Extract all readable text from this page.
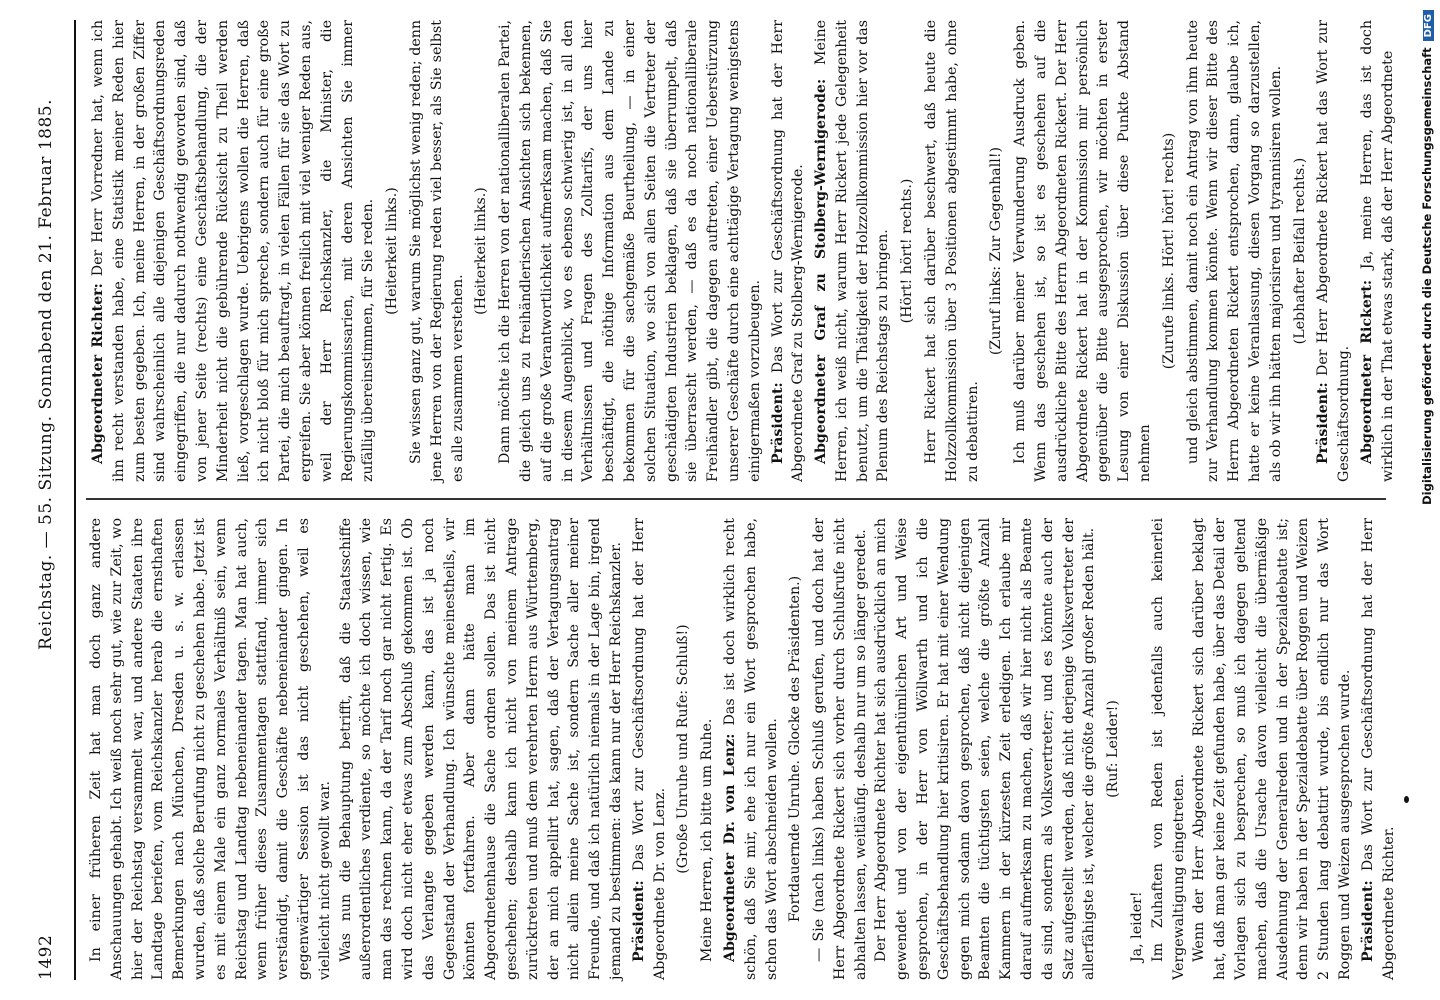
1492
Reichstag. — 55. Sitzung. Sonnabend den 21. Februar 1885.

In einer früheren Zeit hat man doch ganz andere Anschauungen gehabt. Ich weiß noch sehr gut, wie zur Zeit, wo hier der Reichstag versammelt war, und andere Staaten ihre Landtage beriefen, vom Reichskanzler herab die ernsthaften Bemerkungen nach München, Dresden u. s. w. erlassen wurden, daß solche Berufung nicht zu geschehen habe. Jetzt ist es mit einem Male ein ganz normales Verhältniß sein, wenn Reichstag und Landtag nebeneinander tagen. Man hat auch, wenn früher dieses Zusammentagen stattfand, immer sich verständigt, damit die Geschäfte nebeneinander gingen. In gegenwärtiger Session ist das nicht geschehen, weil es vielleicht nicht gewollt war. Was nun die Behauptung betrifft, daß die Staatsschiffe außerordentliches verdiente, so möchte ich doch wissen, wie man das rechnen kann, da der Tarif noch gar nicht fertig. Es wird doch nicht eher etwas zum Abschluß gekommen ist. Ob das Verlangte gegeben werden kann, das ist ja noch Gegenstand der Verhandlung. Ich wünschte meinestheils, wir könnten fortfahren. Aber dann hätte man im Abgeordnetenhause die Sache ordnen sollen. Das ist nicht geschehen; deshalb kann ich nicht von meinem Antrage zurücktreten und muß dem verehrten Herrn aus Württemberg, der an mich appellirt hat, sagen, daß der Vertagungsantrag nicht allein meine Sache ist, sondern Sache aller meiner Freunde, und daß ich natürlich niemals in der Lage bin, irgend jemand zu bestimmen: das kann nur der Herr Reichskanzler. Präsident: Das Wort zur Geschäftsordnung hat der Herr Abgeordnete Dr. von Lenz.

(Große Unruhe und Rufe: Schluß!) Meine Herren, ich bitte um Ruhe. Abgeordneter Dr. von Lenz: Das ist doch wirklich recht schön, daß Sie mir, ehe ich nur ein Wort gesprochen habe, schon das Wort abschneiden wollen. Fortdauernde Unruhe. Glocke des Präsidenten.) — Sie (nach links) haben Schluß gerufen, und doch hat der Herr Abgeordnete Rickert sich vorher durch Schlußrufe nicht abhalten lassen, weitläufig. deshalb nur um so länger geredet. Der Herr Abgeordnete Richter hat sich ausdrücklich an mich gewendet und von der eigenthümlichen Art und Weise gesprochen, in der Herr von Wöllwarth und ich die Geschäftsbehandlung hier kritisiren. Er hat mit einer Wendung gegen mich sodann davon gesprochen, daß nicht diejenigen Beamten die tüchtigsten seien, welche die größte Anzahl Kammern in der kürzesten Zeit erledigen. Ich erlaube mir darauf aufmerksam zu machen, daß wir hier nicht als Beamte da sind, sondern als Volksvertreter; und es könnte auch der Satz aufgestellt werden, daß nicht derjenige Volksvertreter der allerfähigste ist, welcher die größte Anzahl großer Reden hält. (Ruf: Leider!)

Ja, leider! Im Zuhaften von Reden ist jedenfalls auch keinerlei Vergewaltigung eingetreten. Wenn der Herr Abgeordnete Rickert sich darüber beklagt hat, daß man gar keine Zeit gefunden habe, über das Detail der Vorlagen sich zu besprechen, so muß ich dagegen geltend machen, daß die Ursache davon vielleicht die übermäßige Ausdehnung der Generalreden und in der Spezialdebatte ist; denn wir haben in der Spezialdebatte über Roggen und Weizen 2 Stunden lang debattirt wurde, bis endlich nur das Wort Roggen und Weizen ausgesprochen wurde. Präsident: Das Wort zur Geschäftsordnung hat der Herr Abgeordnete Richter.

Abgeordneter Richter: Der Herr Vorredner hat, wenn ich ihn recht verstanden habe, eine Statistik meiner Reden hier zum besten gegeben. Ich, meine Herren, in der großen Ziffer sind wahrscheinlich alle diejenigen Geschäftsordnungsreden eingegriffen, die nur dadurch nothwendig geworden sind, daß von jener Seite (rechts) eine Geschäftsbehandlung, die der Minderheit nicht die gebührende Rücksicht zu Theil werden ließ, vorgeschlagen wurde. Uebrigens wollen die Herren, daß ich nicht bloß für mich spreche, sondern auch für eine große Partei, die mich beauftragt, in vielen Fällen für sie das Wort zu ergreifen. Sie aber können freilich mit viel weniger Reden aus, weil der Herr Reichskanzler, die Minister, die Regierungskommissarien, mit deren Ansichten Sie immer zufällig übereinstimmen, für Sie reden. (Heiterkeit links.) Sie wissen ganz gut, warum Sie möglichst wenig reden; denn jene Herren von der Regierung reden viel besser, als Sie selbst es alle zusammen verstehen.

(Heiterkeit links.) Dann möchte ich die Herren von der nationalliberalen Partei, die gleich uns zu freihändlerischen Ansichten sich bekennen, auf die große Verantwortlichkeit aufmerksam machen, daß Sie in diesem Augenblick, wo es ebenso schwierig ist, in all den Verhältnissen und Fragen des Zolltarifs, der uns hier beschäftigt, die nöthige Information aus dem Lande zu bekommen für die sachgemäße Beurtheilung, — in einer solchen Situation, wo sich von allen Seiten die Vertreter der geschädigten Industrien beklagen, daß sie überrumpelt, daß sie überrascht werden, — daß es da noch nationalliberale Freihändler gibt, die dagegen auftreten, einer Ueberstürzung unserer Geschäfte durch eine achttägige Vertagung wenigstens einigermaßen vorzubeugen. Präsident: Das Wort zur Geschäftsordnung hat der Herr Abgeordnete Graf zu Stolberg-Wernigerode. Abgeordneter Graf zu Stolberg-Wernigerode: Meine Herren, ich weiß nicht, warum Herr Rickert jede Gelegenheit benutzt, um die Thätigkeit der Holzzollkommission hier vor das Plenum des Reichstags zu bringen. (Hört! hört! rechts.) Herr Rickert hat sich darüber beschwert, daß heute die Holzzollkommission über 3 Positionen abgestimmt habe, ohne zu debattiren.

(Zuruf links: Zur Gegenhall!) Ich muß darüber meiner Verwunderung Ausdruck geben. Wenn das geschehen ist, so ist es geschehen auf die ausdrückliche Bitte des Herrn Abgeordneten Rickert. Der Herr Abgeordnete Rickert hat in der Kommission mir persönlich gegenüber die Bitte ausgesprochen, wir möchten in erster Lesung von einer Diskussion über diese Punkte Abstand nehmen

(Zurufe links. Hört! hört! rechts) und gleich abstimmen, damit noch ein Antrag von ihm heute zur Verhandlung kommen könnte. Wenn wir dieser Bitte des Herrn Abgeordneten Rickert entsprochen, dann, glaube ich, hatte er keine Veranlassung, diesen Vorgang so darzustellen, als ob wir ihn hätten majorisiren und tyrannisiren wollen. (Lebhafter Beifall rechts.)

Präsident: Der Herr Abgeordnete Rickert hat das Wort zur Geschäftsordnung. Abgeordneter Rickert: Ja, meine Herren, das ist doch wirklich in der That etwas stark, daß der Herr Abgeordnete Digitalisierung gefördert durch die Deutsche ForschungsgemeinschaftDFG
